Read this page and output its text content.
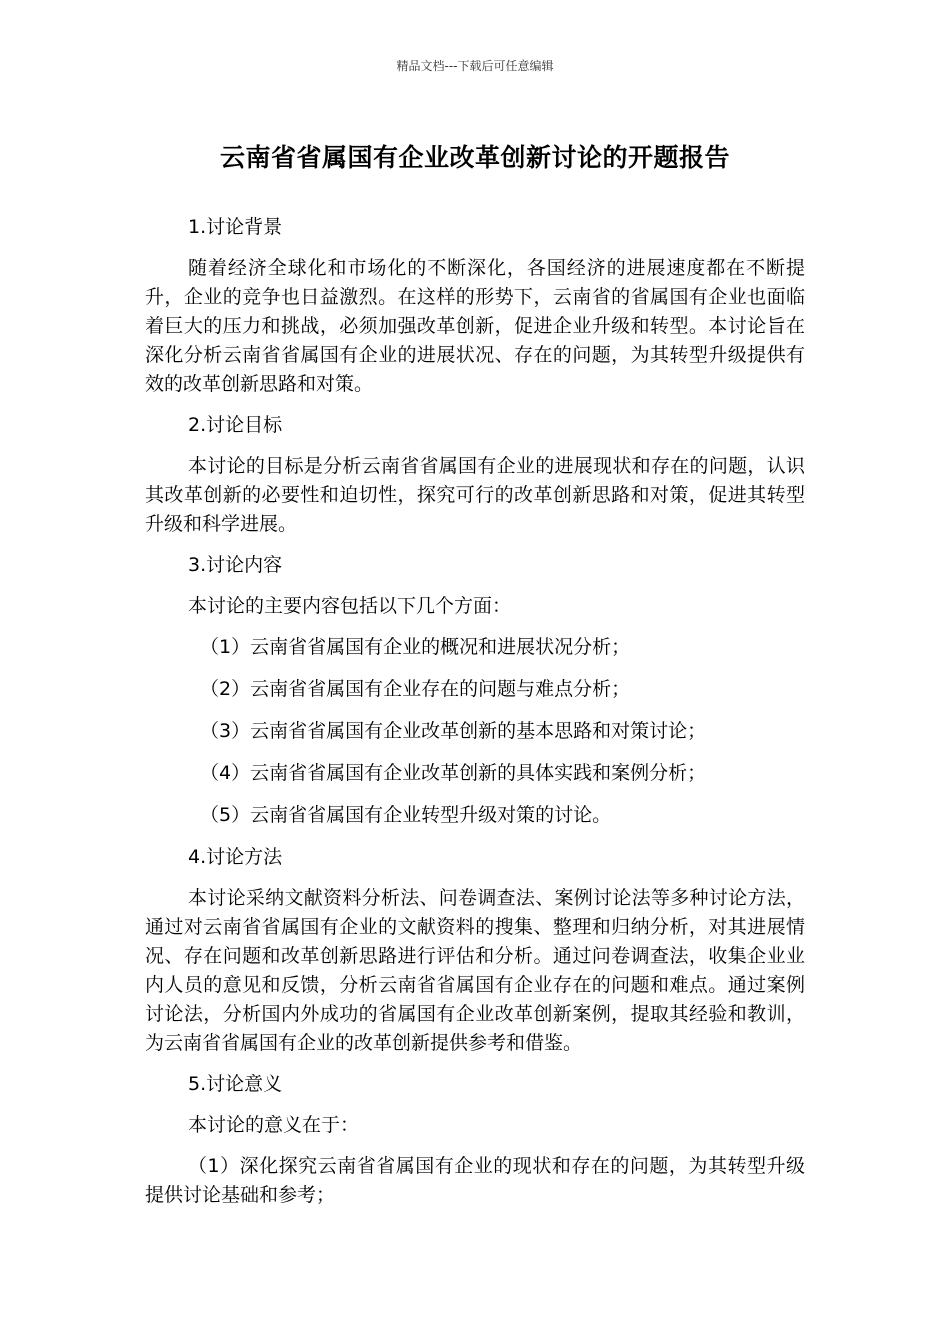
精品文档---下载后可任意编辑
云南省省属国有企业改革创新讨论的开题报告

1.讨论背景

随着经济全球化和市场化的不断深化，各国经济的进展速度都在不断提升，企业的竞争也日益激烈。在这样的形势下，云南省的省属国有企业也面临着巨大的压力和挑战，必须加强改革创新，促进企业升级和转型。本讨论旨在深化分析云南省省属国有企业的进展状况、存在的问题，为其转型升级提供有效的改革创新思路和对策。

2.讨论目标

本讨论的目标是分析云南省省属国有企业的进展现状和存在的问题，认识其改革创新的必要性和迫切性，探究可行的改革创新思路和对策，促进其转型升级和科学进展。

3.讨论内容

本讨论的主要内容包括以下几个方面：

（1）云南省省属国有企业的概况和进展状况分析；

（2）云南省省属国有企业存在的问题与难点分析；

（3）云南省省属国有企业改革创新的基本思路和对策讨论；

（4）云南省省属国有企业改革创新的具体实践和案例分析；

（5）云南省省属国有企业转型升级对策的讨论。

4.讨论方法

本讨论采纳文献资料分析法、问卷调查法、案例讨论法等多种讨论方法，通过对云南省省属国有企业的文献资料的搜集、整理和归纳分析，对其进展情况、存在问题和改革创新思路进行评估和分析。通过问卷调查法，收集企业业内人员的意见和反馈，分析云南省省属国有企业存在的问题和难点。通过案例讨论法，分析国内外成功的省属国有企业改革创新案例，提取其经验和教训，为云南省省属国有企业的改革创新提供参考和借鉴。

5.讨论意义

本讨论的意义在于：

（1）深化探究云南省省属国有企业的现状和存在的问题，为其转型升级提供讨论基础和参考；
